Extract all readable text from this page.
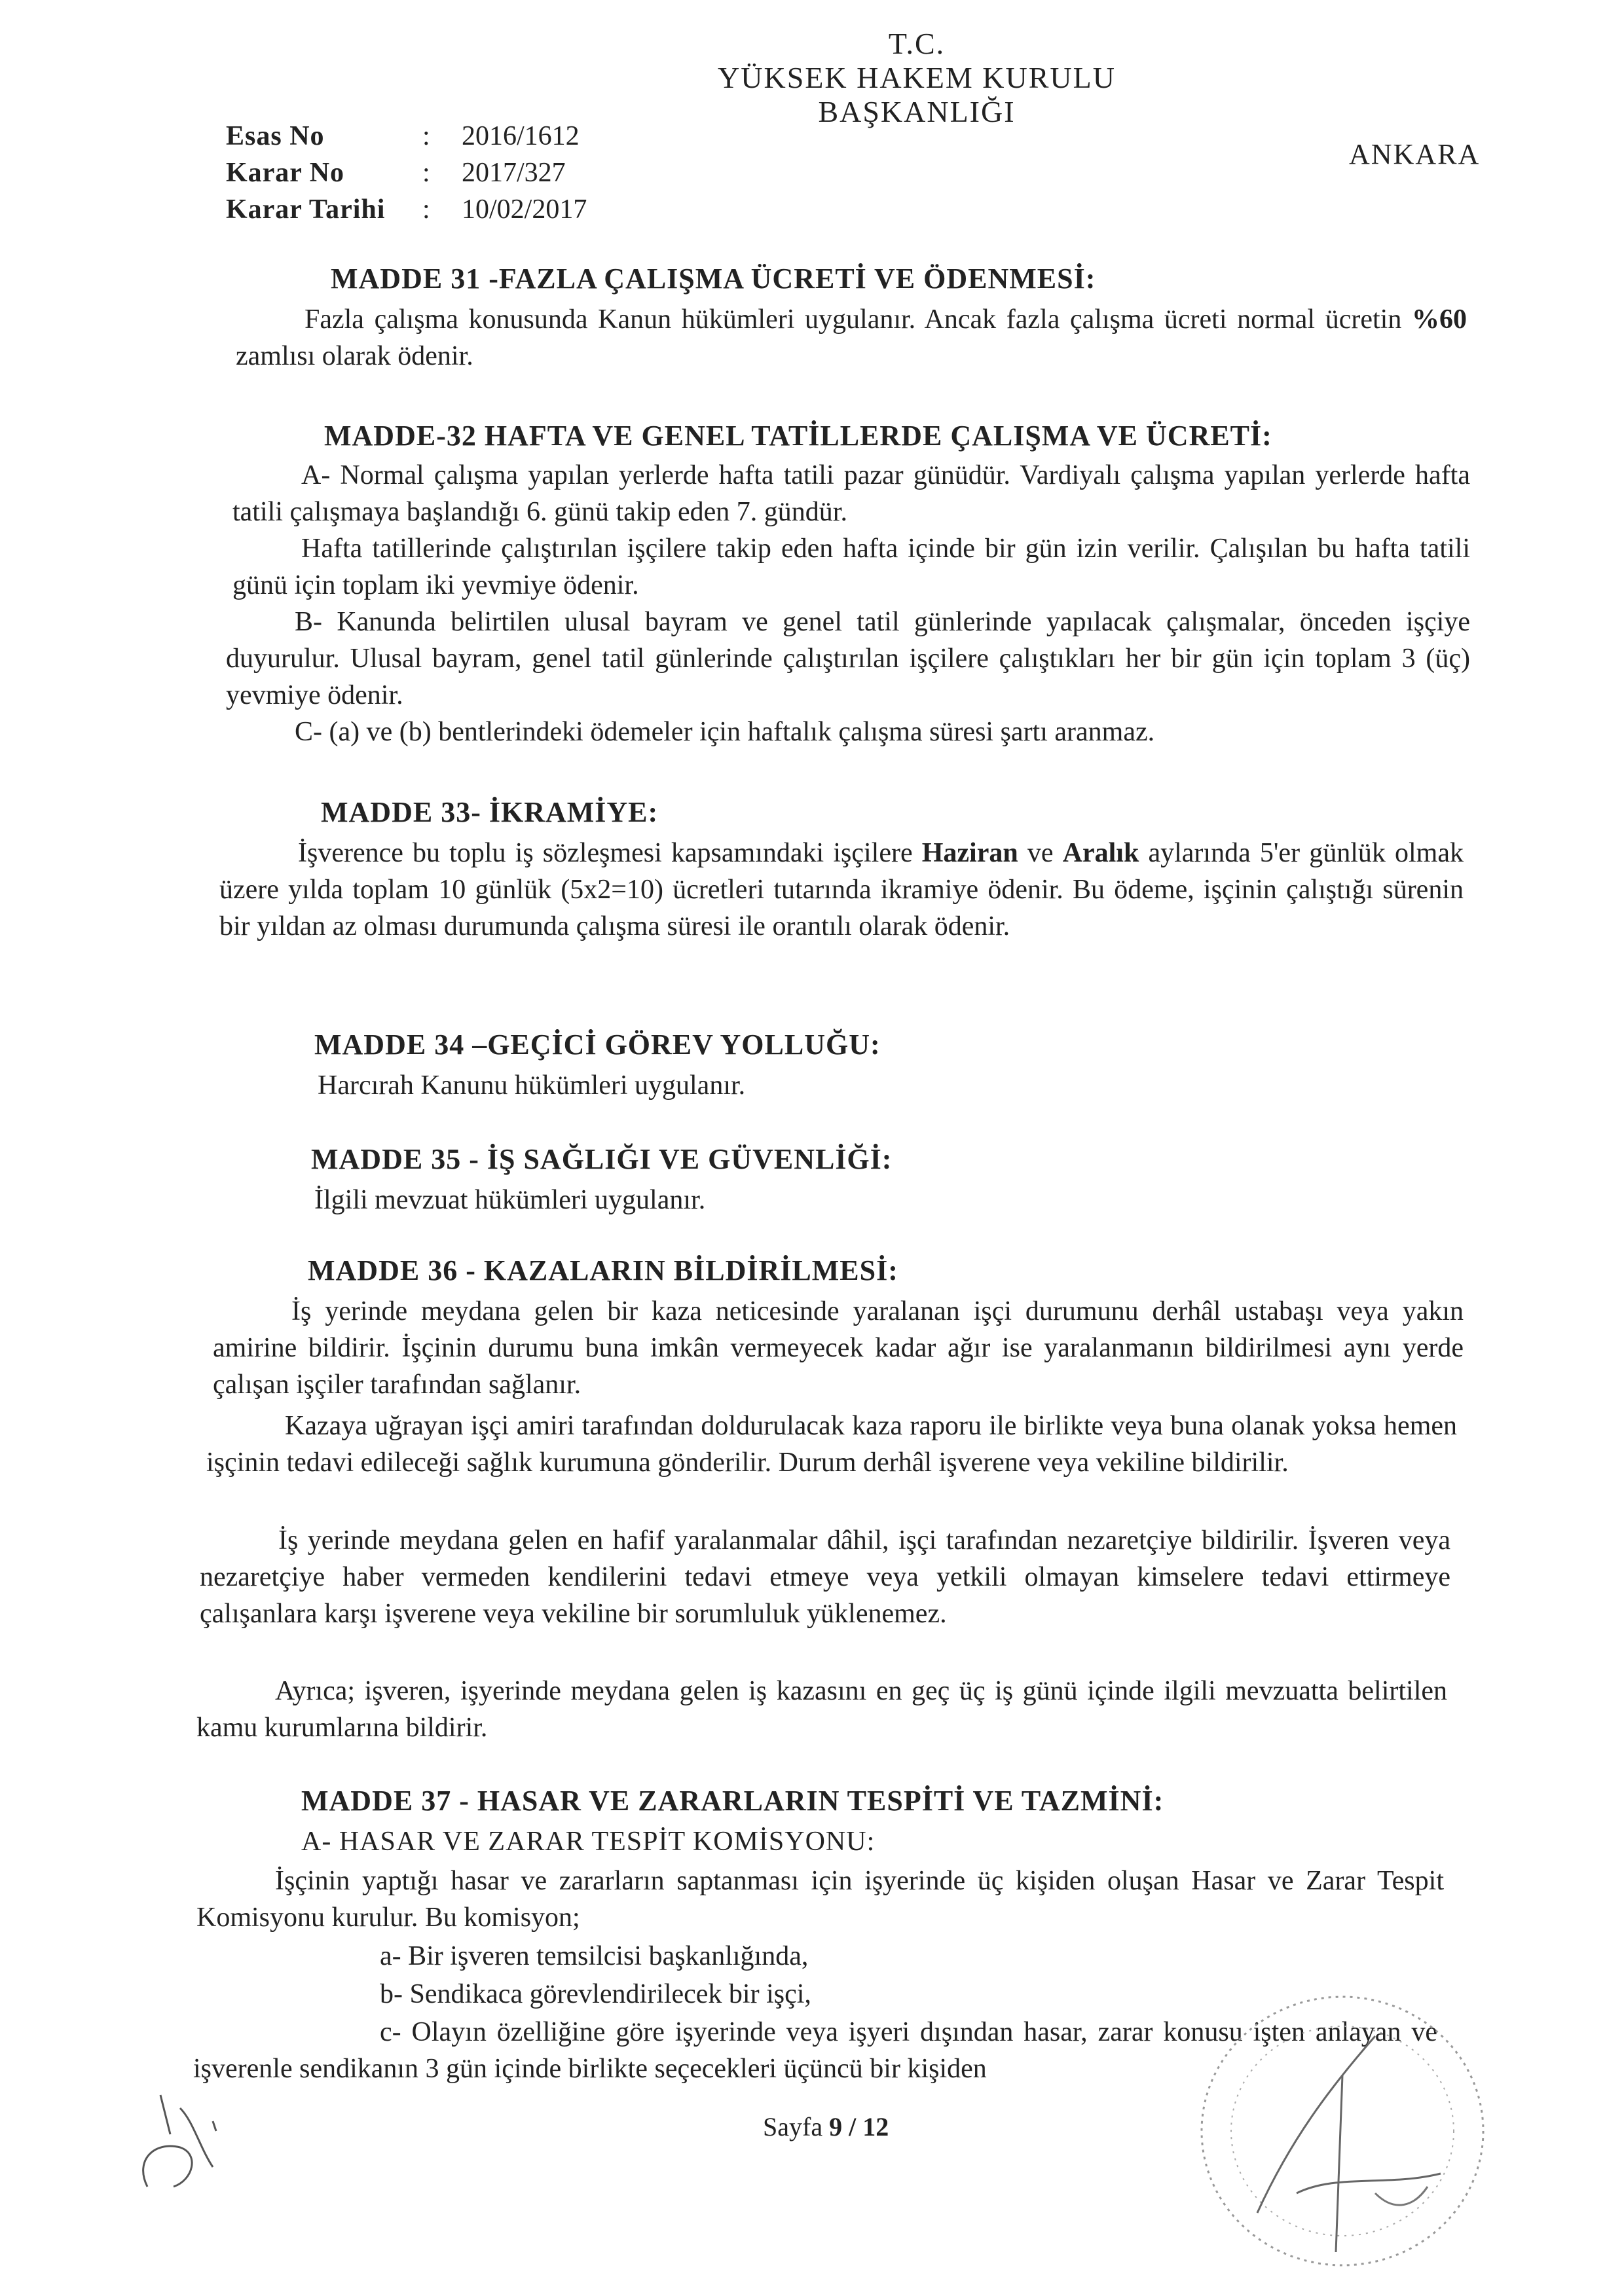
T.C.
YÜKSEK HAKEM KURULU
BAŞKANLIĞI
ANKARA
Esas No	: 2016/1612
Karar No	: 2017/327
Karar Tarihi : 10/02/2017
MADDE 31 -FAZLA ÇALIŞMA ÜCRETİ VE ÖDENMESİ:
Fazla çalışma konusunda Kanun hükümleri uygulanır. Ancak fazla çalışma ücreti normal ücretin %60 zamlısı olarak ödenir.
MADDE-32 HAFTA VE GENEL TATİLLERDE ÇALIŞMA VE ÜCRETİ:
A- Normal çalışma yapılan yerlerde hafta tatili pazar günüdür. Vardiyalı çalışma yapılan yerlerde hafta tatili çalışmaya başlandığı 6. günü takip eden 7. gündür.
Hafta tatillerinde çalıştırılan işçilere takip eden hafta içinde bir gün izin verilir. Çalışılan bu hafta tatili günü için toplam iki yevmiye ödenir.
B- Kanunda belirtilen ulusal bayram ve genel tatil günlerinde yapılacak çalışmalar, önceden işçiye duyurulur. Ulusal bayram, genel tatil günlerinde çalıştırılan işçilere çalıştıkları her bir gün için toplam 3 (üç) yevmiye ödenir.
C- (a) ve (b) bentlerindeki ödemeler için haftalık çalışma süresi şartı aranmaz.
MADDE 33- İKRAMİYE:
İşverence bu toplu iş sözleşmesi kapsamındaki işçilere Haziran ve Aralık aylarında 5'er günlük olmak üzere yılda toplam 10 günlük (5x2=10) ücretleri tutarında ikramiye ödenir. Bu ödeme, işçinin çalıştığı sürenin bir yıldan az olması durumunda çalışma süresi ile orantılı olarak ödenir.
MADDE 34 –GEÇİCİ GÖREV YOLLUĞU:
Harcırah Kanunu hükümleri uygulanır.
MADDE 35 - İŞ SAĞLIĞI VE GÜVENLİĞİ:
İlgili mevzuat hükümleri uygulanır.
MADDE 36 - KAZALARIN BİLDİRİLMESİ:
İş yerinde meydana gelen bir kaza neticesinde yaralanan işçi durumunu derhâl ustabaşı veya yakın amirine bildirir. İşçinin durumu buna imkân vermeyecek kadar ağır ise yaralanmanın bildirilmesi aynı yerde çalışan işçiler tarafından sağlanır.
Kazaya uğrayan işçi amiri tarafından doldurulacak kaza raporu ile birlikte veya buna olanak yoksa hemen işçinin tedavi edileceği sağlık kurumuna gönderilir. Durum derhâl işverene veya vekiline bildirilir.
İş yerinde meydana gelen en hafif yaralanmalar dâhil, işçi tarafından nezaretçiye bildirilir. İşveren veya nezaretçiye haber vermeden kendilerini tedavi etmeye veya yetkili olmayan kimselere tedavi ettirmeye çalışanlara karşı işverene veya vekiline bir sorumluluk yüklenemez.
Ayrıca; işveren, işyerinde meydana gelen iş kazasını en geç üç iş günü içinde ilgili mevzuatta belirtilen kamu kurumlarına bildirir.
MADDE 37 - HASAR VE ZARARLARIN TESPİTİ VE TAZMİNİ:
A- HASAR VE ZARAR TESPİT KOMİSYONU:
İşçinin yaptığı hasar ve zararların saptanması için işyerinde üç kişiden oluşan Hasar ve Zarar Tespit Komisyonu kurulur. Bu komisyon;
a- Bir işveren temsilcisi başkanlığında,
b- Sendikaca görevlendirilecek bir işçi,
c- Olayın özelliğine göre işyerinde veya işyeri dışından hasar, zarar konusu işten anlayan ve işverenle sendikanın 3 gün içinde birlikte seçecekleri üçüncü bir kişiden
Sayfa 9 / 12
